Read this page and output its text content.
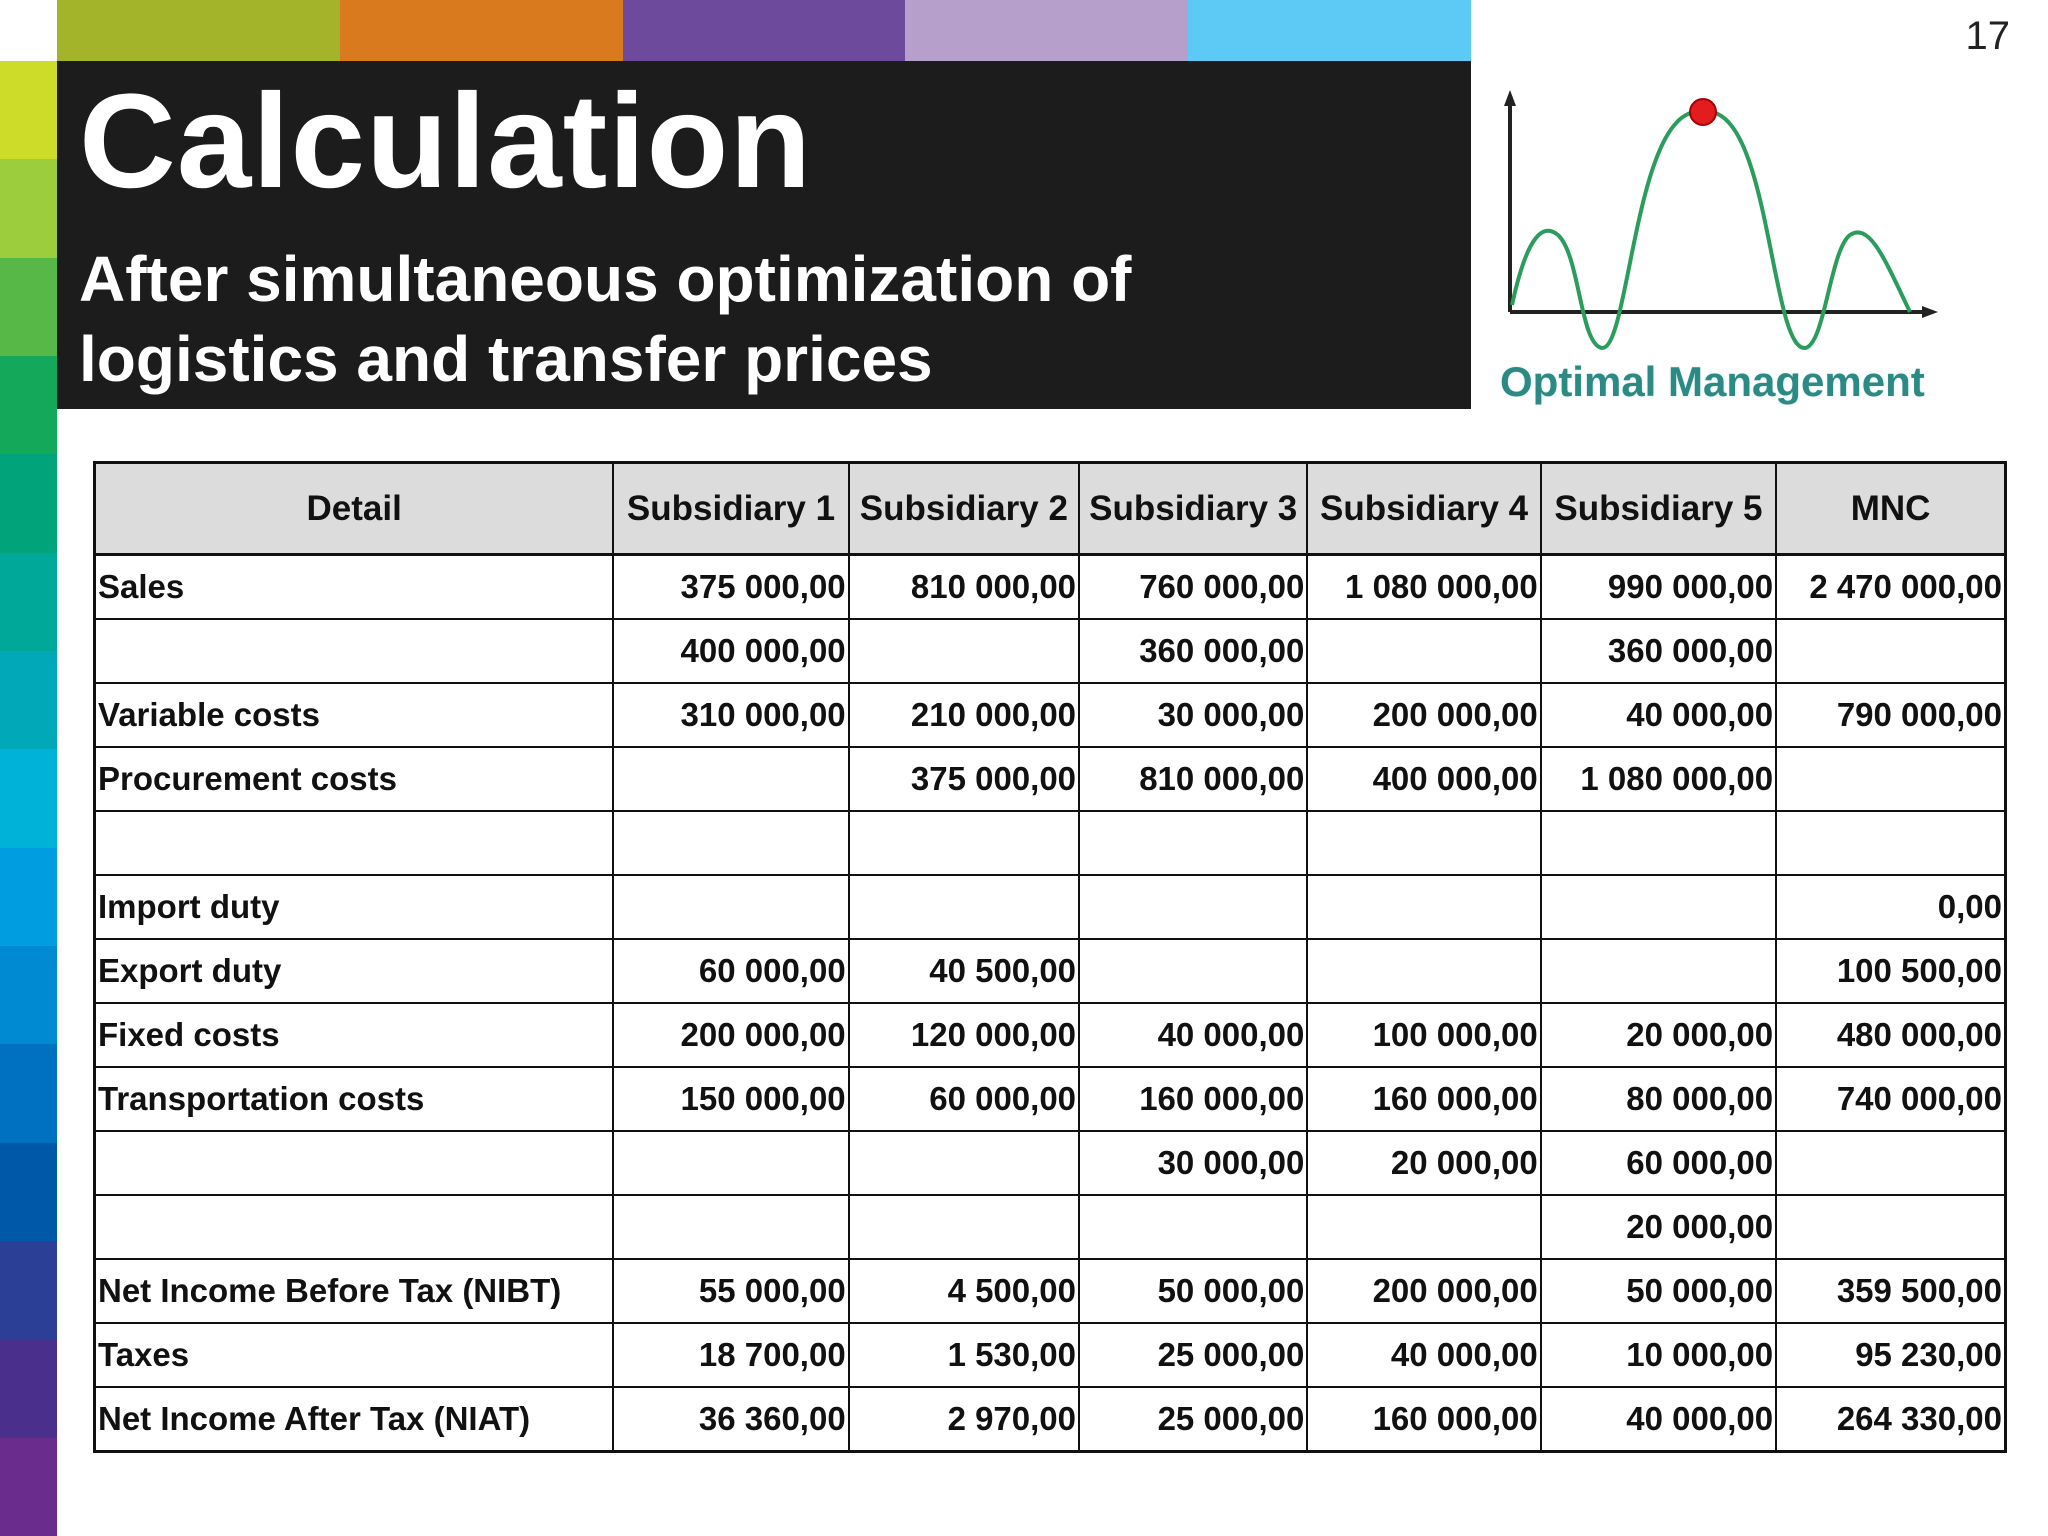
Calculation
After simultaneous optimization of logistics and transfer prices
17
Optimal Management
Detail	Subsidiary 1	Subsidiary 2	Subsidiary 3	Subsidiary 4	Subsidiary 5	MNC
Sales	375 000,00	810 000,00	760 000,00	1 080 000,00	990 000,00	2 470 000,00
	400 000,00		360 000,00		360 000,00	
Variable costs	310 000,00	210 000,00	30 000,00	200 000,00	40 000,00	790 000,00
Procurement costs		375 000,00	810 000,00	400 000,00	1 080 000,00	

Import duty						0,00
Export duty	60 000,00	40 500,00				100 500,00
Fixed costs	200 000,00	120 000,00	40 000,00	100 000,00	20 000,00	480 000,00
Transportation costs	150 000,00	60 000,00	160 000,00	160 000,00	80 000,00	740 000,00
			30 000,00	20 000,00	60 000,00	
					20 000,00	
Net Income Before Tax (NIBT)	55 000,00	4 500,00	50 000,00	200 000,00	50 000,00	359 500,00
Taxes	18 700,00	1 530,00	25 000,00	40 000,00	10 000,00	95 230,00
Net Income After Tax (NIAT)	36 360,00	2 970,00	25 000,00	160 000,00	40 000,00	264 330,00
